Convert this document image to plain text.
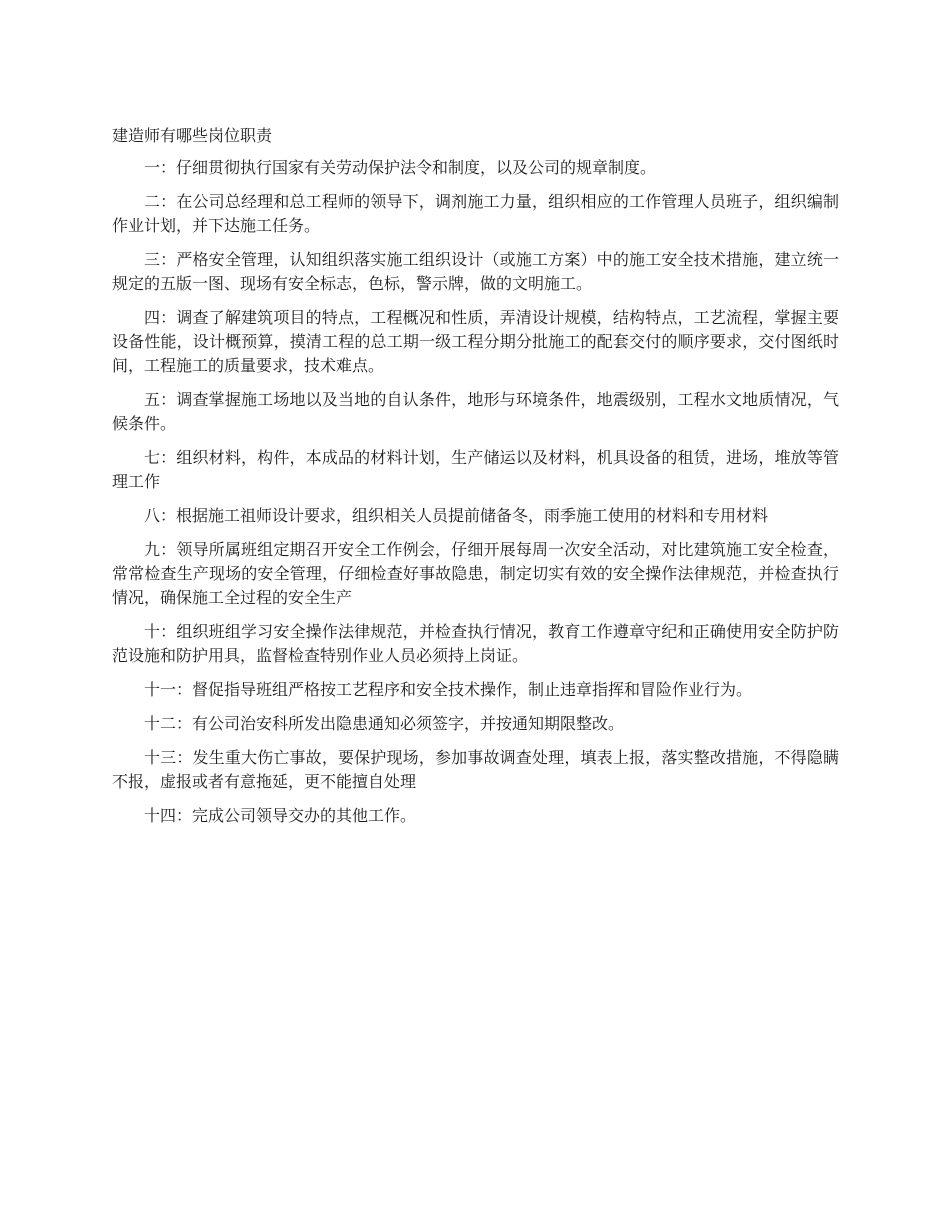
建造师有哪些岗位职责

一：仔细贯彻执行国家有关劳动保护法令和制度，以及公司的规章制度。

二：在公司总经理和总工程师的领导下，调剂施工力量，组织相应的工作管理人员班子，组织编制作业计划，并下达施工任务。

三：严格安全管理，认知组织落实施工组织设计（或施工方案）中的施工安全技术措施，建立统一规定的五版一图、现场有安全标志，色标，警示牌，做的文明施工。

四：调查了解建筑项目的特点，工程概况和性质，弄清设计规模，结构特点，工艺流程，掌握主要设备性能，设计概预算，摸清工程的总工期一级工程分期分批施工的配套交付的顺序要求，交付图纸时间，工程施工的质量要求，技术难点。

五：调查掌握施工场地以及当地的自认条件，地形与环境条件，地震级别，工程水文地质情况，气候条件。

七：组织材料，构件，本成品的材料计划，生产储运以及材料，机具设备的租赁，进场，堆放等管理工作

八：根据施工祖师设计要求，组织相关人员提前储备冬，雨季施工使用的材料和专用材料

九：领导所属班组定期召开安全工作例会，仔细开展每周一次安全活动，对比建筑施工安全检查，常常检查生产现场的安全管理，仔细检查好事故隐患，制定切实有效的安全操作法律规范，并检查执行情况，确保施工全过程的安全生产

十：组织班组学习安全操作法律规范，并检查执行情况，教育工作遵章守纪和正确使用安全防护防范设施和防护用具，监督检查特别作业人员必须持上岗证。

十一：督促指导班组严格按工艺程序和安全技术操作，制止违章指挥和冒险作业行为。

十二：有公司治安科所发出隐患通知必须签字，并按通知期限整改。

十三：发生重大伤亡事故，要保护现场，参加事故调查处理，填表上报，落实整改措施，不得隐瞒不报，虚报或者有意拖延，更不能擅自处理

十四：完成公司领导交办的其他工作。
